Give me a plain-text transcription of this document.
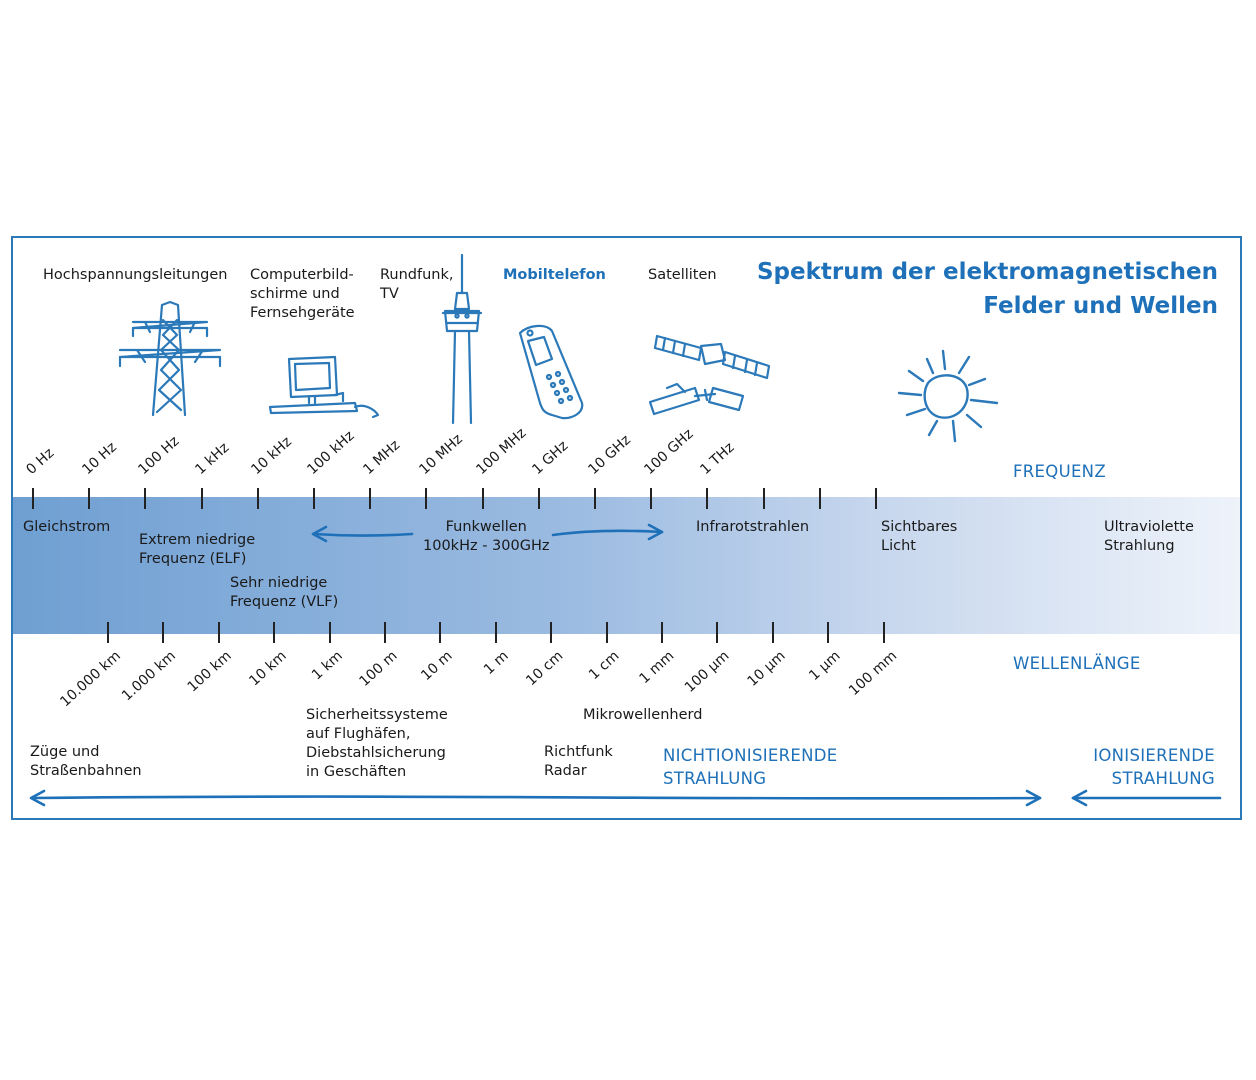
Spektrum der elektromagnetischen
Felder und Wellen
Hochspannungsleitungen Computerbild-
schirme und
Fernsehgeräte
Rundfunk,
TV
Mobiltelefon	Satelliten
FREQUENZ
0 Hz 10 Hz 100 Hz 1 kHz 10 kHz 100 kHz 1 MHz 10 MHz 100 MHz 1 GHz 10 GHz 100 GHz 1 THz
10.000 km
1.000 km 100 km 10 km 1 km 100 m 10 m 1 m 10 cm 1 cm 1 mm 100 µm 10 µm 1 µm 100 mm
Gleichstrom
Extrem niedrige
Frequenz (ELF)
Sehr niedrige
Frequenz (VLF)
Funkwellen
100kHz - 300GHz
Infrarotstrahlen	Sichtbares
Licht
Ultraviolette
Strahlung
WELLENLÄNGE
Züge und
Straßenbahnen
Sicherheitssysteme
auf Flughäfen,
Diebstahlsicherung
in Geschäften
Mikrowellenherd
Richtfunk
Radar
NICHTIONISIERENDE
STRAHLUNG
IONISIERENDE
STRAHLUNG
